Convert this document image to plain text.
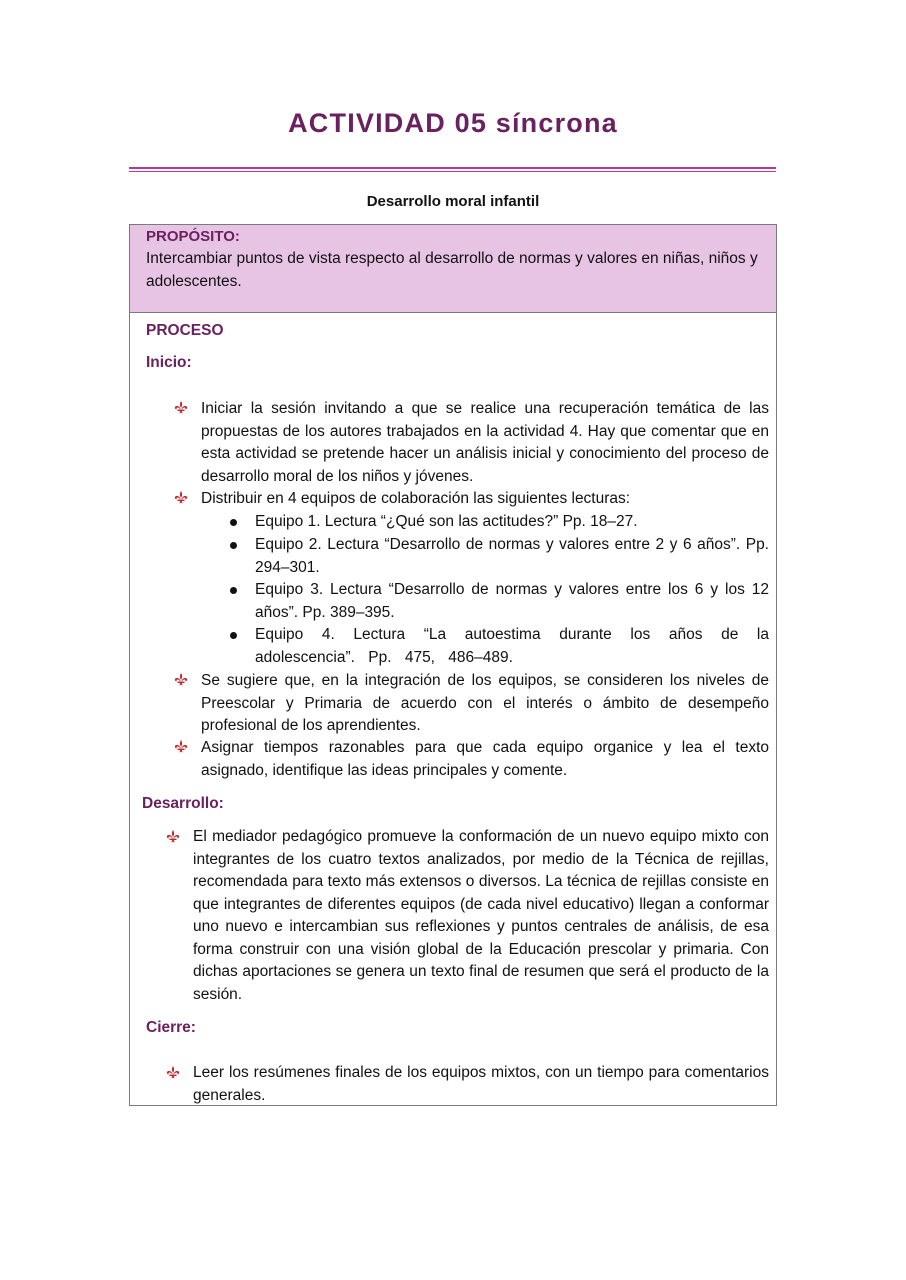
ACTIVIDAD 05 síncrona
Desarrollo moral infantil
PROPÓSITO:
Intercambiar puntos de vista respecto al desarrollo de normas y valores en niñas, niños y adolescentes.
PROCESO
Inicio:
Iniciar la sesión invitando a que se realice una recuperación temática de las propuestas de los autores trabajados en la actividad 4. Hay que comentar que en esta actividad se pretende hacer un análisis inicial y conocimiento del proceso de desarrollo moral de los niños y jóvenes.
Distribuir en 4 equipos de colaboración las siguientes lecturas:
Equipo 1. Lectura “¿Qué son las actitudes?” Pp. 18–27.
Equipo 2. Lectura “Desarrollo de normas y valores entre 2 y 6 años”. Pp. 294–301.
Equipo 3. Lectura “Desarrollo de normas y valores entre los 6 y los 12 años”. Pp. 389–395.
Equipo 4. Lectura “La autoestima durante los años de la adolescencia”. Pp. 475, 486–489.
Se sugiere que, en la integración de los equipos, se consideren los niveles de Preescolar y Primaria de acuerdo con el interés o ámbito de desempeño profesional de los aprendientes.
Asignar tiempos razonables para que cada equipo organice y lea el texto asignado, identifique las ideas principales y comente.
Desarrollo:
El mediador pedagógico promueve la conformación de un nuevo equipo mixto con integrantes de los cuatro textos analizados, por medio de la Técnica de rejillas, recomendada para texto más extensos o diversos. La técnica de rejillas consiste en que integrantes de diferentes equipos (de cada nivel educativo) llegan a conformar uno nuevo e intercambian sus reflexiones y puntos centrales de análisis, de esa forma construir con una visión global de la Educación prescolar y primaria. Con dichas aportaciones se genera un texto final de resumen que será el producto de la sesión.
Cierre:
Leer los resúmenes finales de los equipos mixtos, con un tiempo para comentarios generales.
